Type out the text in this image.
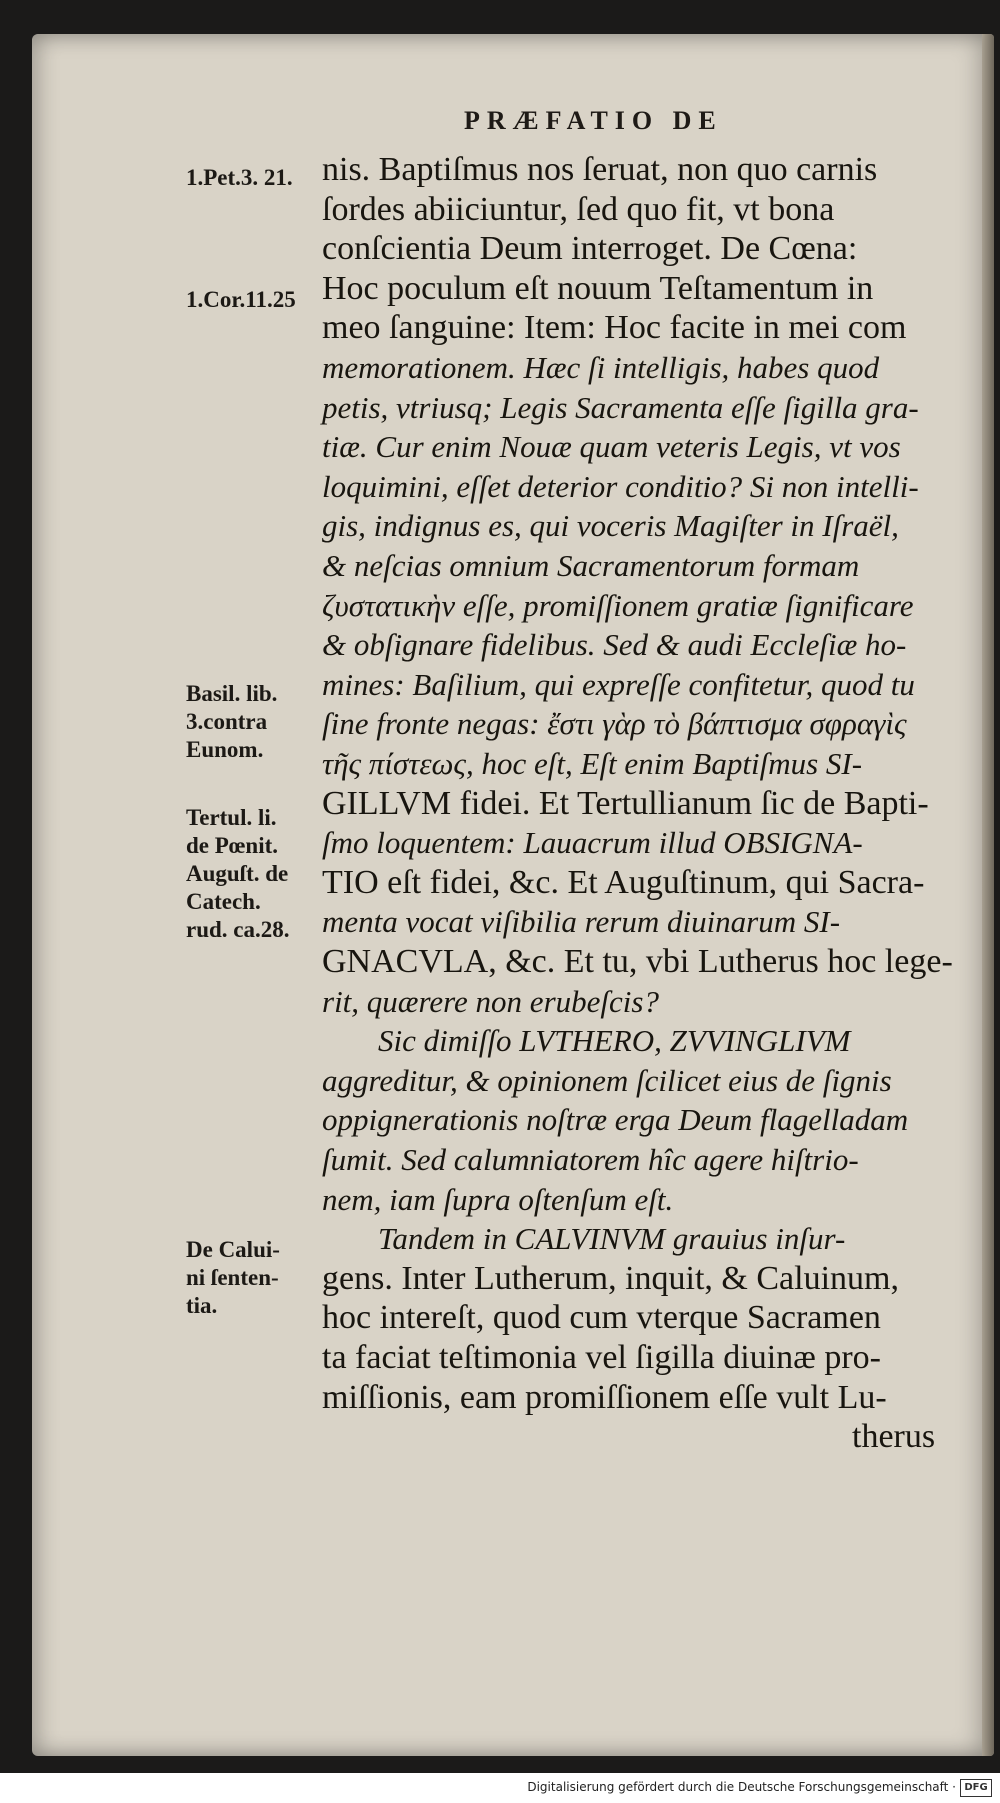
PRÆFATIO DE
1.Pet.3. 21.
1.Cor.11.25
Basil. lib.
3.contra
Eunom.
Tertul. li.
de Pœnit.
Auguſt. de
Catech.
rud. ca.28.
De Calui-
ni ſenten-
tia.
nis. Baptiſmus nos ſeruat, non quo carnis
ſordes abiiciuntur, ſed quo fit, vt bona
conſcientia Deum interroget. De Cœna:
Hoc poculum eſt nouum Teſtamentum in
meo ſanguine: Item: Hoc facite in mei com
memorationem. Hæc ſi intelligis, habes quod
petis, vtriusq; Legis Sacramenta eſſe ſigilla gra-
tiæ. Cur enim Nouæ quam veteris Legis, vt vos
loquimini, eſſet deterior conditio? Si non intelli-
gis, indignus es, qui voceris Magiſter in Iſraël,
& neſcias omnium Sacramentorum formam
ζυστατικὴν eſſe, promiſſionem gratiæ ſignificare
& obſignare fidelibus. Sed & audi Eccleſiæ ho-
mines: Baſilium, qui expreſſe confitetur, quod tu
ſine fronte negas: ἔστι γὰρ τὸ βάπτισμα σφραγὶς
τῆς πίστεως, hoc eſt, Eſt enim Baptiſmus SI-
GILLVM fidei. Et Tertullianum ſic de Bapti-
ſmo loquentem: Lauacrum illud OBSIGNA-
TIO eſt fidei, &c. Et Auguſtinum, qui Sacra-
menta vocat viſibilia rerum diuinarum SI-
GNACVLA, &c. Et tu, vbi Lutherus hoc lege-
rit, quærere non erubeſcis?
Sic dimiſſo LVTHERO, ZVVINGLIVM
aggreditur, & opinionem ſcilicet eius de ſignis
oppignerationis noſtræ erga Deum flagelladam
ſumit. Sed calumniatorem hîc agere hiſtrio-
nem, iam ſupra oſtenſum eſt.
Tandem in CALVINVM grauius inſur-
gens. Inter Lutherum, inquit, & Caluinum,
hoc intereſt, quod cum vterque Sacramen
ta faciat teſtimonia vel ſigilla diuinæ pro-
miſſionis, eam promiſſionem eſſe vult Lu-
therus
Digitalisierung gefördert durch die Deutsche Forschungsgemeinschaft · DFG
